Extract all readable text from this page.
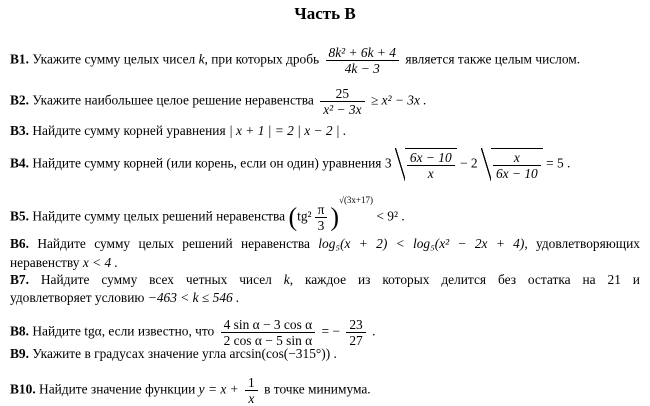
Часть В
B1. Укажите сумму целых чисел k, при которых дробь $\frac{\text{8k² + 6k + 4}}{4k - 3}$ является также целым числом.
B2. Укажите наибольшее целое решение неравенства $\frac{25}{\text{x² − 3x}} \ge x^2 - 3x$ .
B3. Найдите сумму корней уравнения | x + 1 | = 2 | x − 2 | .
B4. Найдите сумму корней (или корень, если он один) уравнения $3 \frac{6x - 10}{x} - 2 \frac{x}{6x - 10} = 5$ .
B5. Найдите сумму целых решений неравенства $(tg^2 \frac{\pi}{3} )^{√(3x+17)} < 9^2$ .
B6. Найдите сумму целых решений неравенства log₅(x + 2) < log₅(x² − 2x + 4), удовлетворяющих
неравенству x < 4 .
B7. Найдите сумму всех четных чисел k, каждое из которых делится без остатка на 21 и
удовлетворяет условию −463 < k ≤ 546 .
B8. Найдите tgα, если известно, что $\frac{\text{4 sin α − 3 cos α}}{\text{2 cos α − 5 sin α}}$ = − $\frac{23}{27}$ .
B9. Укажите в градусах значение угла arcsin(cos(−315°)) .
B10. Найдите значение функции $y = x + \frac{1}{x}$ в точке минимума.
